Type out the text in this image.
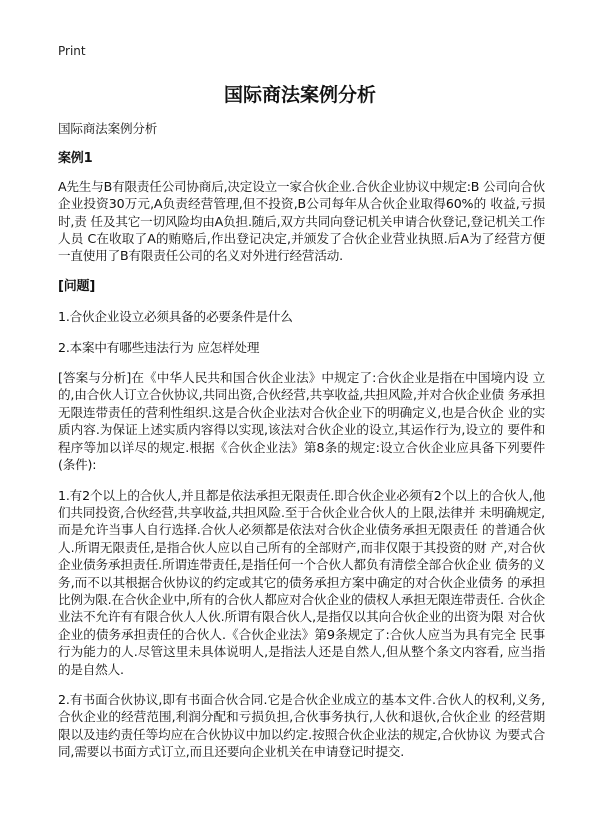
Print
国际商法案例分析

国际商法案例分析

案例1

A先生与B有限责任公司协商后,决定设立一家合伙企业.合伙企业协议中规定:B 公司向合伙企业投资30万元,A负责经营管理,但不投资,B公司每年从合伙企业取得60%的 收益,亏损时,责 任及其它一切风险均由A负担.随后,双方共同向登记机关申请合伙登记,登记机关工作人员 C在收取了A的贿赂后,作出登记决定,并颁发了合伙企业营业执照.后A为了经营方便 一直使用了B有限责任公司的名义对外进行经营活动.

[问题]

1.合伙企业设立必须具备的必要条件是什么

2.本案中有哪些违法行为 应怎样处理

[答案与分析]在《中华人民共和国合伙企业法》中规定了:合伙企业是指在中国境内设 立的,由合伙人订立合伙协议,共同出资,合伙经营,共享收益,共担风险,并对合伙企业债 务承担无限连带责任的营利性组织.这是合伙企业法对合伙企业下的明确定义,也是合伙企 业的实质内容.为保证上述实质内容得以实现,该法对合伙企业的设立,其运作行为,设立的 要件和程序等加以详尽的规定.根据《合伙企业法》第8条的规定:设立合伙企业应具备下列要件(条件):

1.有2个以上的合伙人,并且都是依法承担无限责任.即合伙企业必须有2个以上的合伙人,他们共同投资,合伙经营,共享收益,共担风险.至于合伙企业合伙人的上限,法律并 未明确规定,而是允许当事人自行选择.合伙人必须都是依法对合伙企业债务承担无限责任 的普通合伙人.所谓无限责任,是指合伙人应以自己所有的全部财产,而非仅限于其投资的财 产,对合伙企业债务承担责任.所谓连带责任,是指任何一个合伙人都负有清偿全部合伙企业 债务的义务,而不以其根据合伙协议的约定或其它的债务承担方案中确定的对合伙企业债务 的承担比例为限.在合伙企业中,所有的合伙人都应对合伙企业的债权人承担无限连带责任. 合伙企业法不允许有有限合伙人人伙.所谓有限合伙人,是指仅以其向合伙企业的出资为限 对合伙企业的债务承担责任的合伙人.《合伙企业法》第9条规定了:合伙人应当为具有完全 民事行为能力的人.尽管这里未具体说明人,是指法人还是自然人,但从整个条文内容看, 应当指的是自然人.

2.有书面合伙协议,即有书面合伙合同.它是合伙企业成立的基本文件.合伙人的权利,义务,合伙企业的经营范围,利润分配和亏损负担,合伙事务执行,人伙和退伙,合伙企业 的经营期限以及违约责任等均应在合伙协议中加以约定.按照合伙企业法的规定,合伙协议 为要式合同,需要以书面方式订立,而且还要向企业机关在申请登记时提交.
